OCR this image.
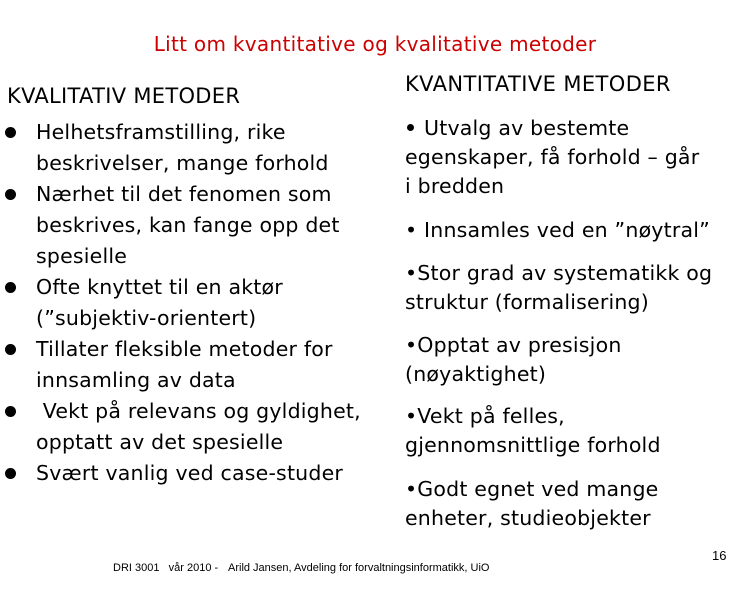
Litt om kvantitative og kvalitative metoder
KVALITATIV METODER
Helhetsframstilling, rike
beskrivelser, mange forhold
Nærhet til det fenomen som
beskrives, kan fange opp det
spesielle
Ofte knyttet til en aktør
(”subjektiv-orientert)
Tillater fleksible metoder for
innsamling av data
Vekt på relevans og gyldighet,
opptatt av det spesielle
Svært vanlig ved case-studer
KVANTITATIVE METODER
Utvalg av bestemte
egenskaper, få forhold – går
i bredden
• Innsamles ved en ”nøytral”
•Stor grad av systematikk og
struktur (formalisering)
•Opptat av presisjon
(nøyaktighet)
•Vekt på felles,
gjennomsnittlige forhold
•Godt egnet ved mange
enheter, studieobjekter
DRI 3001   vår 2010 - Arild Jansen, Avdeling for forvaltningsinformatikk, UiO
16
